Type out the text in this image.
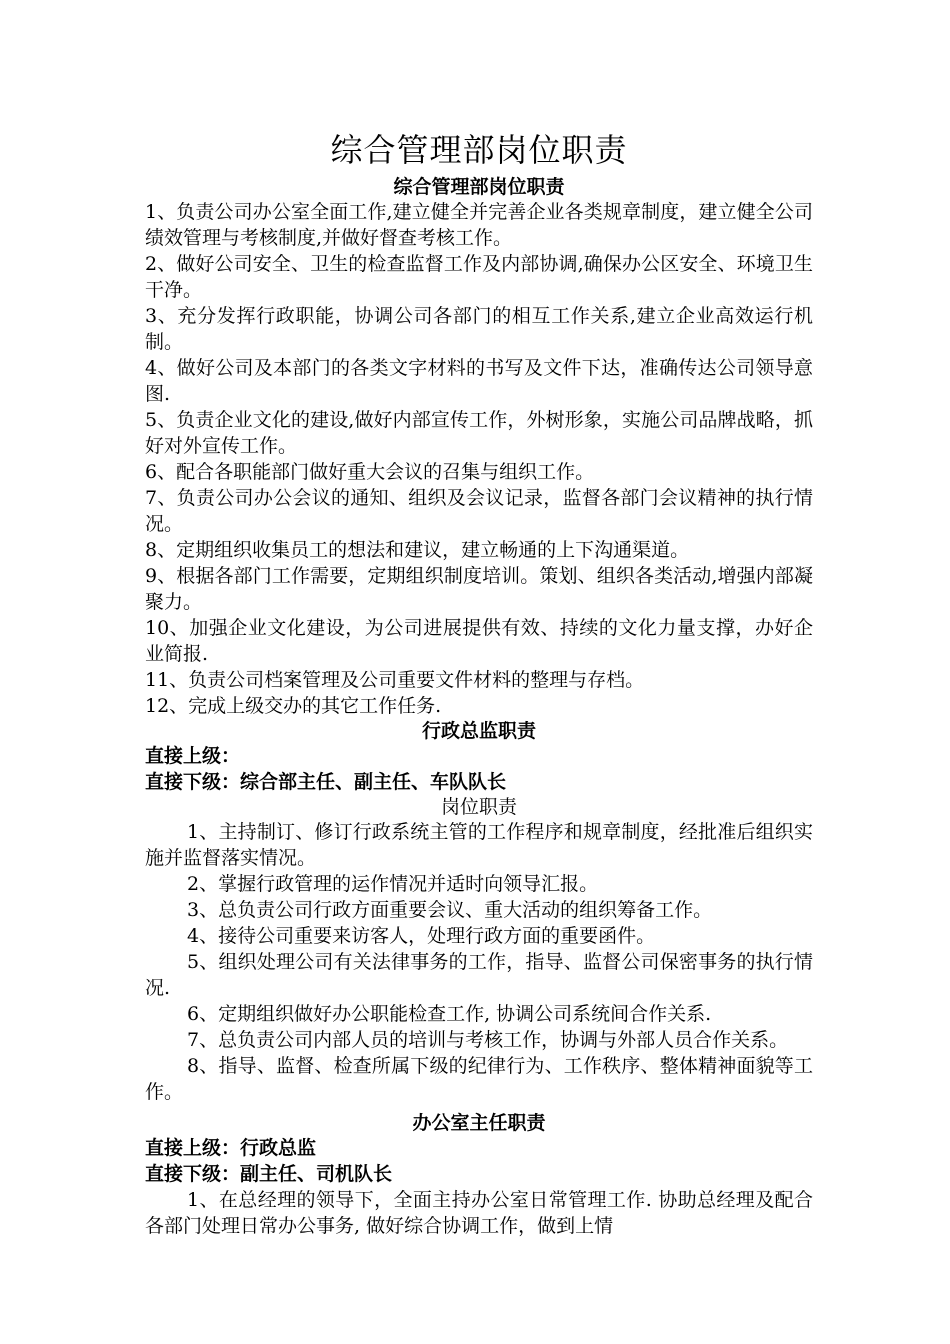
综合管理部岗位职责
综合管理部岗位职责

1、负责公司办公室全面工作,建立健全并完善企业各类规章制度，建立健全公司绩效管理与考核制度,并做好督查考核工作。

2、做好公司安全、卫生的检查监督工作及内部协调,确保办公区安全、环境卫生干净。

3、充分发挥行政职能，协调公司各部门的相互工作关系,建立企业高效运行机制。

4、做好公司及本部门的各类文字材料的书写及文件下达，准确传达公司领导意图.

5、负责企业文化的建设,做好内部宣传工作，外树形象，实施公司品牌战略，抓好对外宣传工作。

6、配合各职能部门做好重大会议的召集与组织工作。

7、负责公司办公会议的通知、组织及会议记录，监督各部门会议精神的执行情况。

8、定期组织收集员工的想法和建议，建立畅通的上下沟通渠道。

9、根据各部门工作需要，定期组织制度培训。策划、组织各类活动,增强内部凝聚力。

10、加强企业文化建设，为公司进展提供有效、持续的文化力量支撑，办好企业简报.

11、负责公司档案管理及公司重要文件材料的整理与存档。

12、完成上级交办的其它工作任务.

行政总监职责
直接上级：
直接下级：综合部主任、副主任、车队队长
岗位职责

1、主持制订、修订行政系统主管的工作程序和规章制度，经批准后组织实施并监督落实情况。

2、掌握行政管理的运作情况并适时向领导汇报。

3、总负责公司行政方面重要会议、重大活动的组织筹备工作。

4、接待公司重要来访客人，处理行政方面的重要函件。

5、组织处理公司有关法律事务的工作，指导、监督公司保密事务的执行情况.

6、定期组织做好办公职能检查工作, 协调公司系统间合作关系.

7、总负责公司内部人员的培训与考核工作，协调与外部人员合作关系。

8、指导、监督、检查所属下级的纪律行为、工作秩序、整体精神面貌等工作。

办公室主任职责
直接上级：行政总监
直接下级：副主任、司机队长

1、在总经理的领导下，全面主持办公室日常管理工作. 协助总经理及配合各部门处理日常办公事务, 做好综合协调工作，做到上情
